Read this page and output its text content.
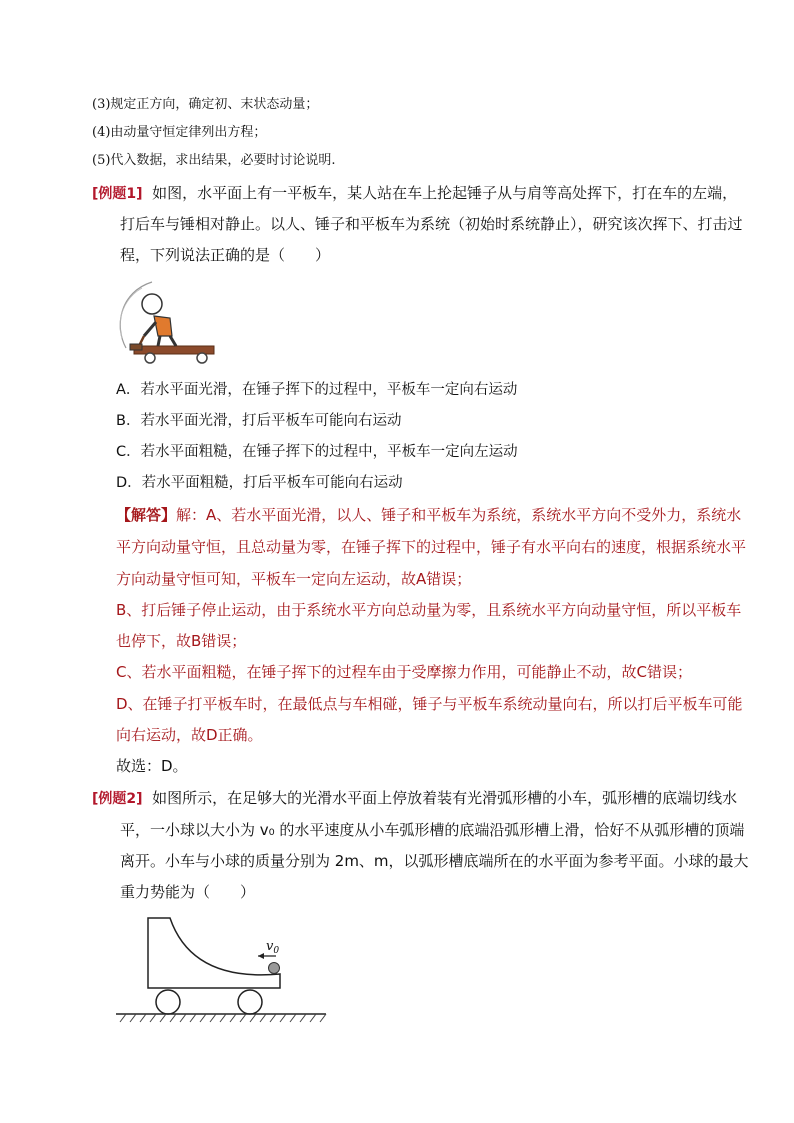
(3)规定正方向，确定初、末状态动量；
(4)由动量守恒定律列出方程；
(5)代入数据，求出结果，必要时讨论说明.
[例题1] 如图，水平面上有一平板车，某人站在车上抡起锤子从与肩等高处挥下，打在车的左端，
打后车与锤相对静止。以人、锤子和平板车为系统（初始时系统静止），研究该次挥下、打击过
程，下列说法正确的是（　　）
A．若水平面光滑，在锤子挥下的过程中，平板车一定向右运动
B．若水平面光滑，打后平板车可能向右运动
C．若水平面粗糙，在锤子挥下的过程中，平板车一定向左运动
D．若水平面粗糙，打后平板车可能向右运动
【解答】解：A、若水平面光滑，以人、锤子和平板车为系统，系统水平方向不受外力，系统水
平方向动量守恒，且总动量为零，在锤子挥下的过程中，锤子有水平向右的速度，根据系统水平
方向动量守恒可知，平板车一定向左运动，故A错误；
B、打后锤子停止运动，由于系统水平方向总动量为零，且系统水平方向动量守恒，所以平板车
也停下，故B错误；
C、若水平面粗糙，在锤子挥下的过程车由于受摩擦力作用，可能静止不动，故C错误；
D、在锤子打平板车时，在最低点与车相碰，锤子与平板车系统动量向右，所以打后平板车可能
向右运动，故D正确。
故选：D。
[例题2] 如图所示，在足够大的光滑水平面上停放着装有光滑弧形槽的小车，弧形槽的底端切线水
平，一小球以大小为 v₀ 的水平速度从小车弧形槽的底端沿弧形槽上滑，恰好不从弧形槽的顶端
离开。小车与小球的质量分别为 2m、m，以弧形槽底端所在的水平面为参考平面。小球的最大
重力势能为（　　）
$v_0$
